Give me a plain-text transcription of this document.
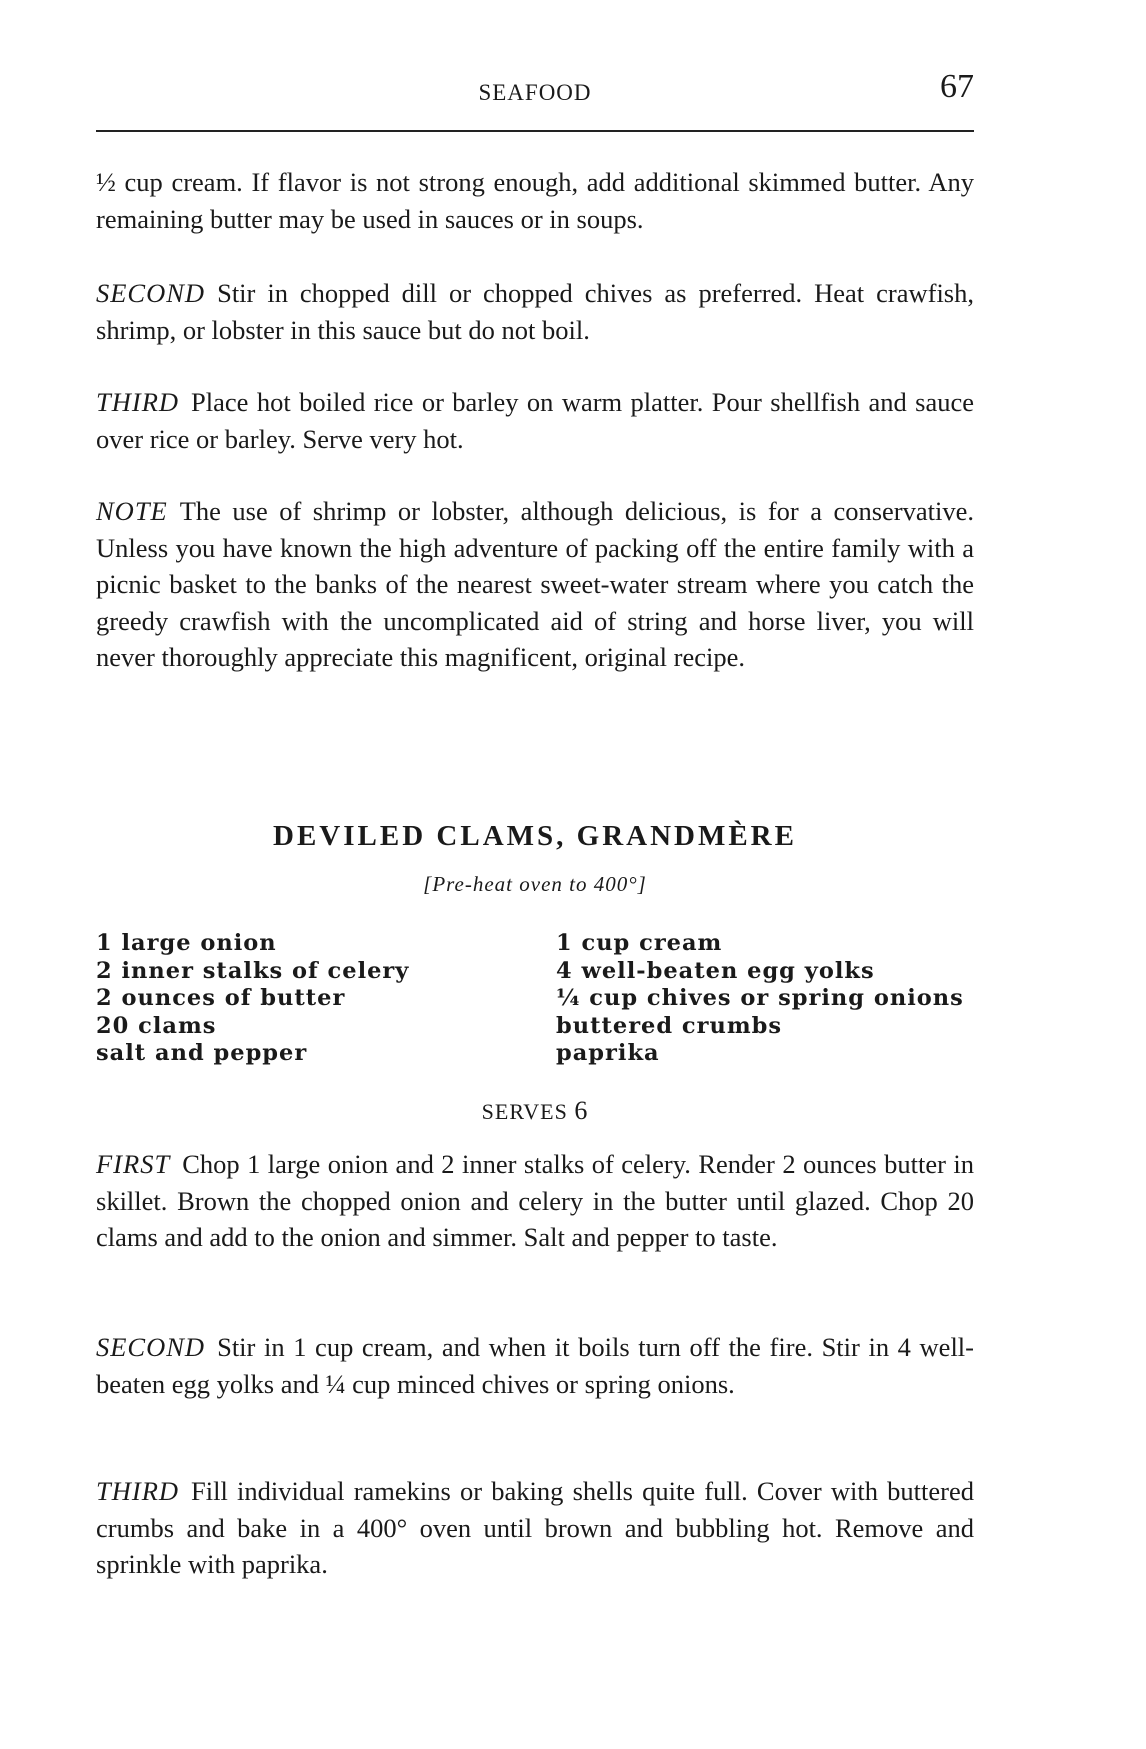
SEAFOOD	67

½ cup cream. If flavor is not strong enough, add additional skimmed butter. Any remaining butter may be used in sauces or in soups.

SECOND Stir in chopped dill or chopped chives as preferred. Heat crawfish, shrimp, or lobster in this sauce but do not boil.

THIRD Place hot boiled rice or barley on warm platter. Pour shellfish and sauce over rice or barley. Serve very hot.

NOTE The use of shrimp or lobster, although delicious, is for a conservative. Unless you have known the high adventure of packing off the entire family with a picnic basket to the banks of the nearest sweet-water stream where you catch the greedy crawfish with the uncomplicated aid of string and horse liver, you will never thoroughly appreciate this magnificent, original recipe.

DEVILED CLAMS, GRANDMÈRE
[Pre-heat oven to 400°]
1 large onion
2 inner stalks of celery
2 ounces of butter
20 clams
salt and pepper
1 cup cream
4 well-beaten egg yolks
¼ cup chives or spring onions
buttered crumbs
paprika
SERVES 6

FIRST Chop 1 large onion and 2 inner stalks of celery. Render 2 ounces butter in skillet. Brown the chopped onion and celery in the butter until glazed. Chop 20 clams and add to the onion and simmer. Salt and pepper to taste.

SECOND Stir in 1 cup cream, and when it boils turn off the fire. Stir in 4 well-beaten egg yolks and ¼ cup minced chives or spring onions.

THIRD Fill individual ramekins or baking shells quite full. Cover with buttered crumbs and bake in a 400° oven until brown and bubbling hot. Remove and sprinkle with paprika.
